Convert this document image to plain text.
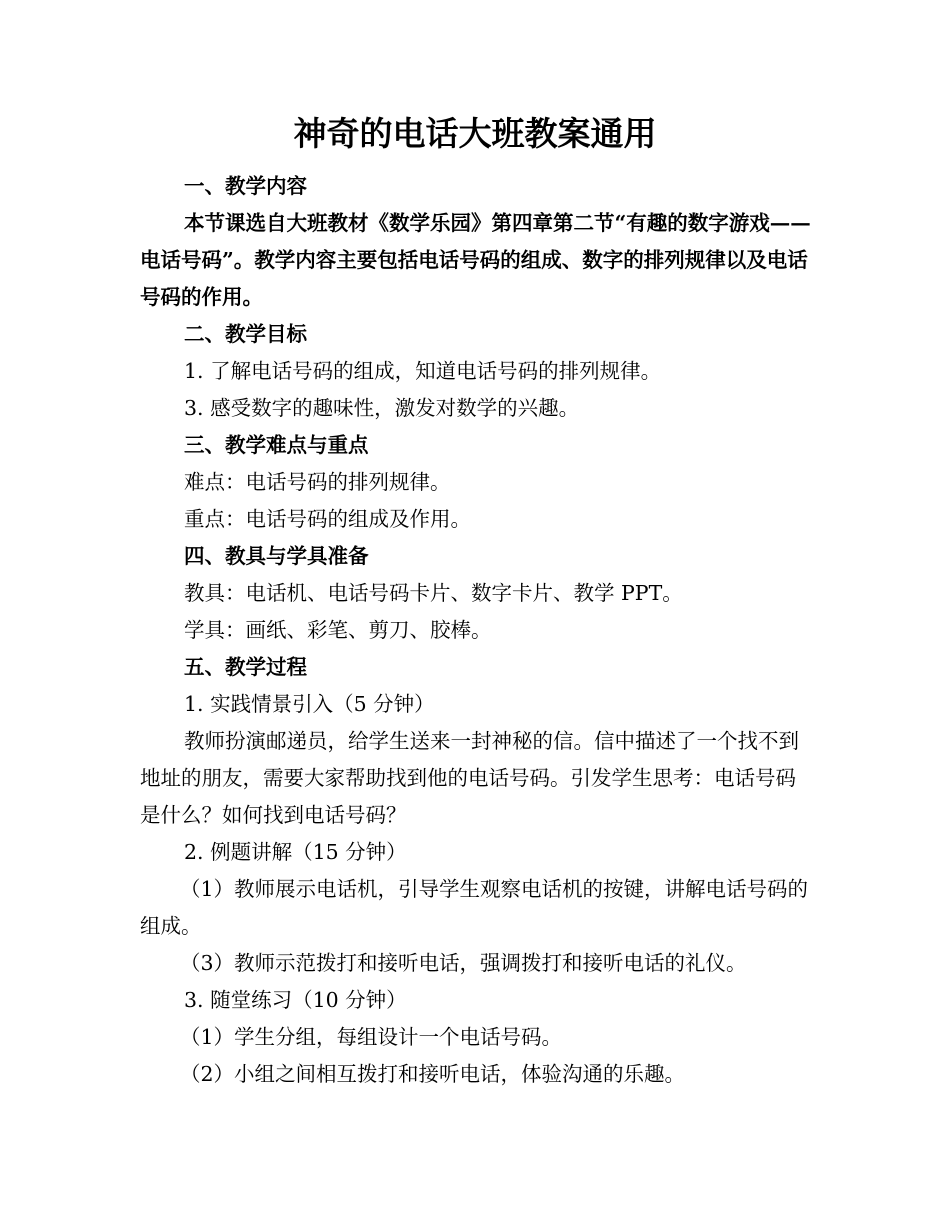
神奇的电话大班教案通用

一、教学内容

本节课选自大班教材《数学乐园》第四章第二节“有趣的数字游戏——电话号码”。教学内容主要包括电话号码的组成、数字的排列规律以及电话号码的作用。

二、教学目标

1. 了解电话号码的组成，知道电话号码的排列规律。

3. 感受数字的趣味性，激发对数学的兴趣。

三、教学难点与重点

难点：电话号码的排列规律。

重点：电话号码的组成及作用。

四、教具与学具准备

教具：电话机、电话号码卡片、数字卡片、教学 PPT。

学具：画纸、彩笔、剪刀、胶棒。

五、教学过程

1. 实践情景引入（5 分钟）

教师扮演邮递员，给学生送来一封神秘的信。信中描述了一个找不到地址的朋友，需要大家帮助找到他的电话号码。引发学生思考：电话号码是什么？如何找到电话号码？

2. 例题讲解（15 分钟）

（1）教师展示电话机，引导学生观察电话机的按键，讲解电话号码的组成。

（3）教师示范拨打和接听电话，强调拨打和接听电话的礼仪。

3. 随堂练习（10 分钟）

（1）学生分组，每组设计一个电话号码。

（2）小组之间相互拨打和接听电话，体验沟通的乐趣。
